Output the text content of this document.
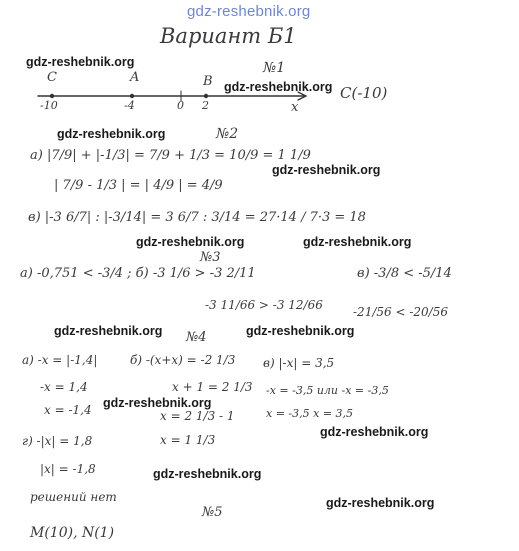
gdz-reshebnik.org
Вариант Б1
gdz-reshebnik.org
gdz-reshebnik.org
gdz-reshebnik.org
gdz-reshebnik.org
gdz-reshebnik.org	gdz-reshebnik.org
gdz-reshebnik.org	gdz-reshebnik.org
gdz-reshebnik.org
gdz-reshebnik.org
gdz-reshebnik.org
gdz-reshebnik.org
№1
C	A	B
-10	-4	0 2	x
C(-10)
№2
а) |7/9| + |-1/3| = 7/9 + 1/3 = 10/9 = 1 1/9
| 7/9 - 1/3 | = | 4/9 | = 4/9
в) |-3 6/7| : |-3/14| = 3 6/7 : 3/14 = 27·14 / 7·3 = 18
№3
а) -0,751 < -3/4 ; б) -3 1/6 > -3 2/11
-3 11/66 > -3 12/66
в) -3/8 < -5/14
-21/56 < -20/56
№4
а) -x = |-1,4|
-x = 1,4
x = -1,4
б) -(x+x) = -2 1/3
x + 1 = 2 1/3
x = 2 1/3 - 1
x = 1 1/3
в) |-x| = 3,5
-x = -3,5 или -x = -3,5
x = -3,5 x = 3,5
г) -|x| = 1,8
|x| = -1,8
решений нет
№5
M(10), N(1)
